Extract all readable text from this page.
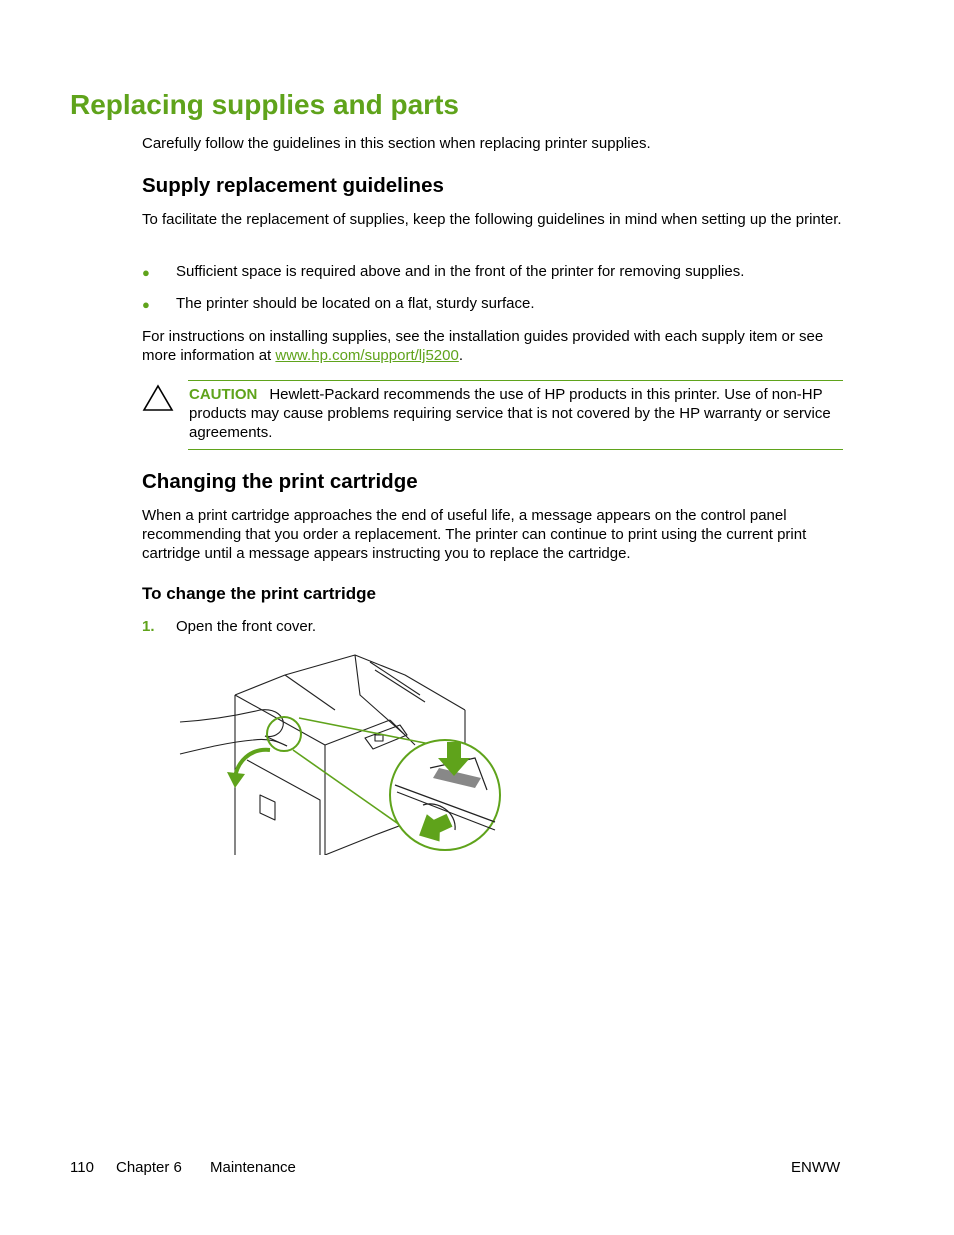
Replacing supplies and parts

Carefully follow the guidelines in this section when replacing printer supplies.

Supply replacement guidelines

To facilitate the replacement of supplies, keep the following guidelines in mind when setting up the printer.

● Sufficient space is required above and in the front of the printer for removing supplies.

● The printer should be located on a flat, sturdy surface.

For instructions on installing supplies, see the installation guides provided with each supply item or see more information at www.hp.com/support/lj5200.

CAUTION Hewlett-Packard recommends the use of HP products in this printer. Use of non-HP products may cause problems requiring service that is not covered by the HP warranty or service agreements.

Changing the print cartridge

When a print cartridge approaches the end of useful life, a message appears on the control panel recommending that you order a replacement. The printer can continue to print using the current print cartridge until a message appears instructing you to replace the cartridge.

To change the print cartridge
1. Open the front cover.

110 Chapter 6 Maintenance	ENWW
